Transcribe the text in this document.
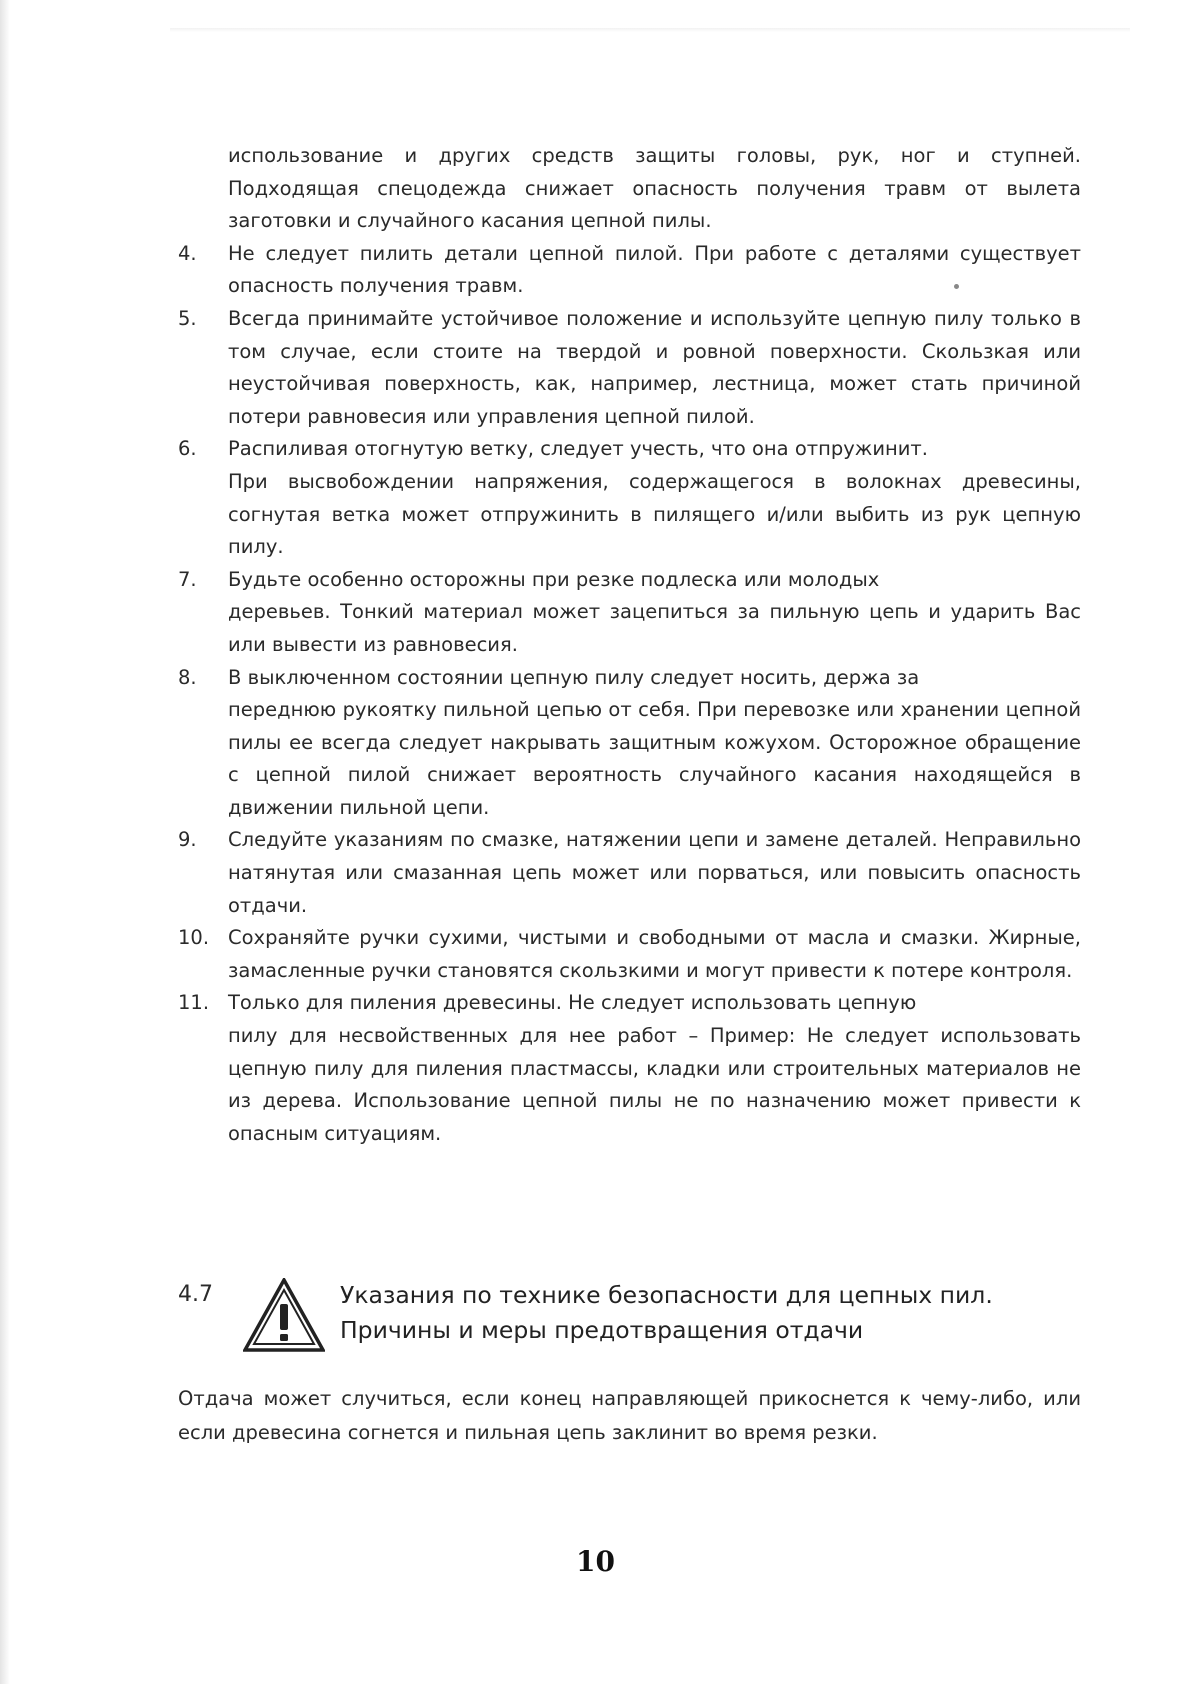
использование и других средств защиты головы, рук, ног и ступней. Подходящая спецодежда снижает опасность получения травм от вылета заготовки и случайного касания цепной пилы.

4. Не следует пилить детали цепной пилой. При работе с деталями существует опасность получения травм.

5. Всегда принимайте устойчивое положение и используйте цепную пилу только в том случае, если стоите на твердой и ровной поверхности. Скользкая или неустойчивая поверхность, как, например, лестница, может стать причиной потери равновесия или управления цепной пилой.

6. Распиливая отогнутую ветку, следует учесть, что она отпружинит.

При высвобождении напряжения, содержащегося в волокнах древесины, согнутая ветка может отпружинить в пилящего и/или выбить из рук цепную пилу.

7. Будьте особенно осторожны при резке подлеска или молодых

деревьев. Тонкий материал может зацепиться за пильную цепь и ударить Вас или вывести из равновесия.

8. В выключенном состоянии цепную пилу следует носить, держа за

переднюю рукоятку пильной цепью от себя. При перевозке или хранении цепной пилы ее всегда следует накрывать защитным кожухом. Осторожное обращение с цепной пилой снижает вероятность случайного касания находящейся в движении пильной цепи.

9. Следуйте указаниям по смазке, натяжении цепи и замене деталей. Неправильно натянутая или смазанная цепь может или порваться, или повысить опасность отдачи.

10. Сохраняйте ручки сухими, чистыми и свободными от масла и смазки. Жирные, замасленные ручки становятся скользкими и могут привести к потере контроля.

11. Только для пиления древесины. Не следует использовать цепную

пилу для несвойственных для нее работ – Пример: Не следует использовать цепную пилу для пиления пластмассы, кладки или строительных материалов не из дерева. Использование цепной пилы не по назначению может привести к опасным ситуациям.

4.7	Указания по технике безопасности для цепных пил.
Причины и меры предотвращения отдачи

Отдача может случиться, если конец направляющей прикоснется к чему-либо, или если древесина согнется и пильная цепь заклинит во время резки.

10
